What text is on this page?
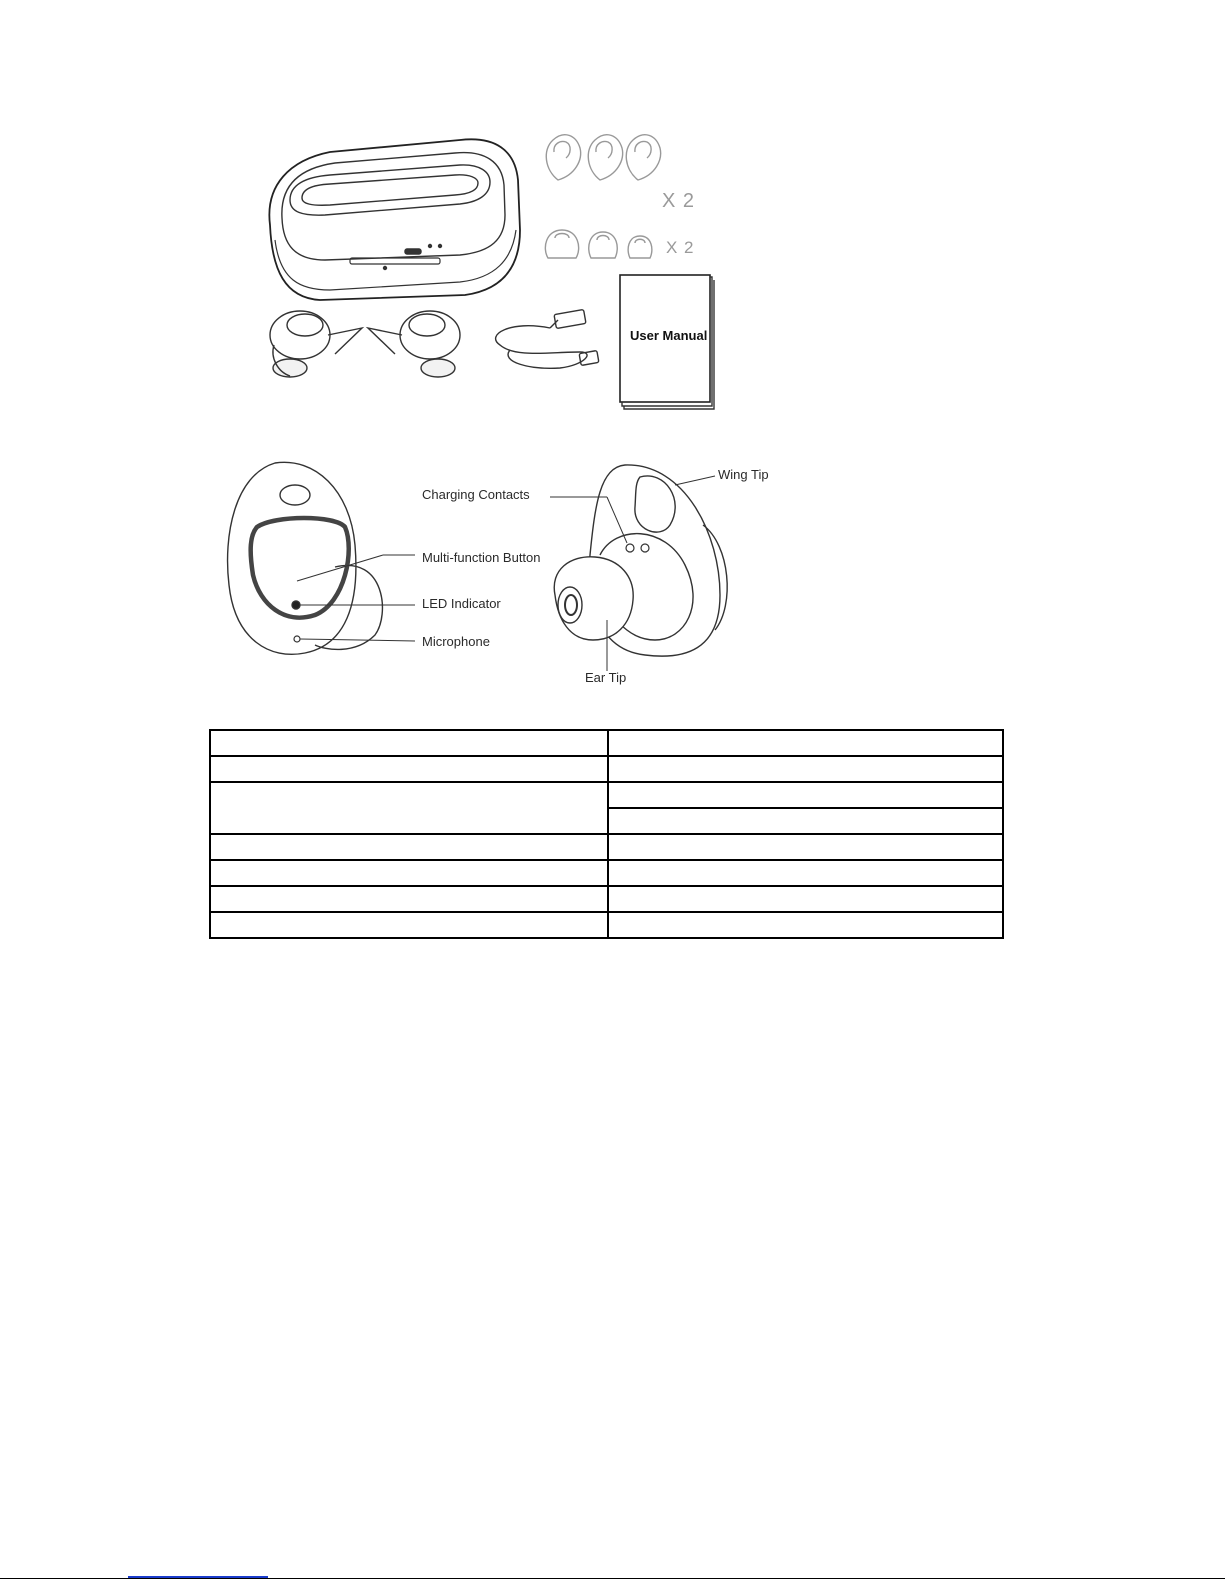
X 2
X 2
User Manual
Charging Contacts
Multi-function Button
LED Indicator
Microphone
Wing Tip
Ear Tip
